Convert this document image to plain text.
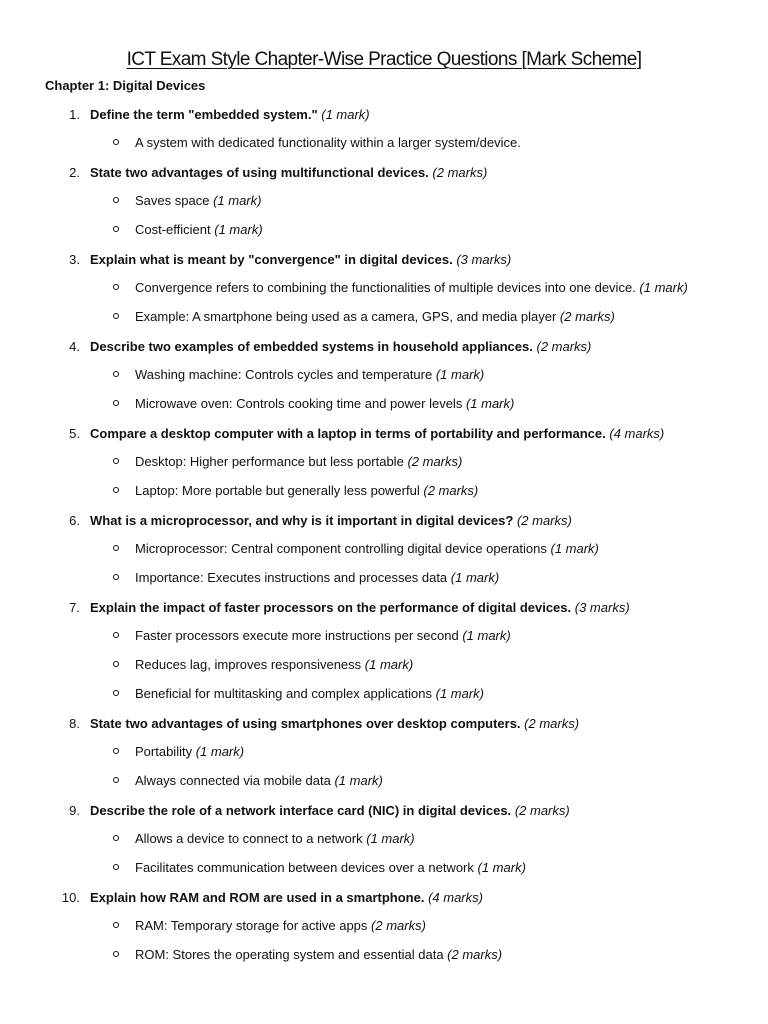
ICT Exam Style Chapter-Wise Practice Questions [Mark Scheme]
Chapter 1: Digital Devices
1. Define the term "embedded system." (1 mark)
A system with dedicated functionality within a larger system/device.
2. State two advantages of using multifunctional devices. (2 marks)
Saves space (1 mark)
Cost-efficient (1 mark)
3. Explain what is meant by "convergence" in digital devices. (3 marks)
Convergence refers to combining the functionalities of multiple devices into one device. (1 mark)
Example: A smartphone being used as a camera, GPS, and media player (2 marks)
4. Describe two examples of embedded systems in household appliances. (2 marks)
Washing machine: Controls cycles and temperature (1 mark)
Microwave oven: Controls cooking time and power levels (1 mark)
5. Compare a desktop computer with a laptop in terms of portability and performance. (4 marks)
Desktop: Higher performance but less portable (2 marks)
Laptop: More portable but generally less powerful (2 marks)
6. What is a microprocessor, and why is it important in digital devices? (2 marks)
Microprocessor: Central component controlling digital device operations (1 mark)
Importance: Executes instructions and processes data (1 mark)
7. Explain the impact of faster processors on the performance of digital devices. (3 marks)
Faster processors execute more instructions per second (1 mark)
Reduces lag, improves responsiveness (1 mark)
Beneficial for multitasking and complex applications (1 mark)
8. State two advantages of using smartphones over desktop computers. (2 marks)
Portability (1 mark)
Always connected via mobile data (1 mark)
9. Describe the role of a network interface card (NIC) in digital devices. (2 marks)
Allows a device to connect to a network (1 mark)
Facilitates communication between devices over a network (1 mark)
10. Explain how RAM and ROM are used in a smartphone. (4 marks)
RAM: Temporary storage for active apps (2 marks)
ROM: Stores the operating system and essential data (2 marks)
